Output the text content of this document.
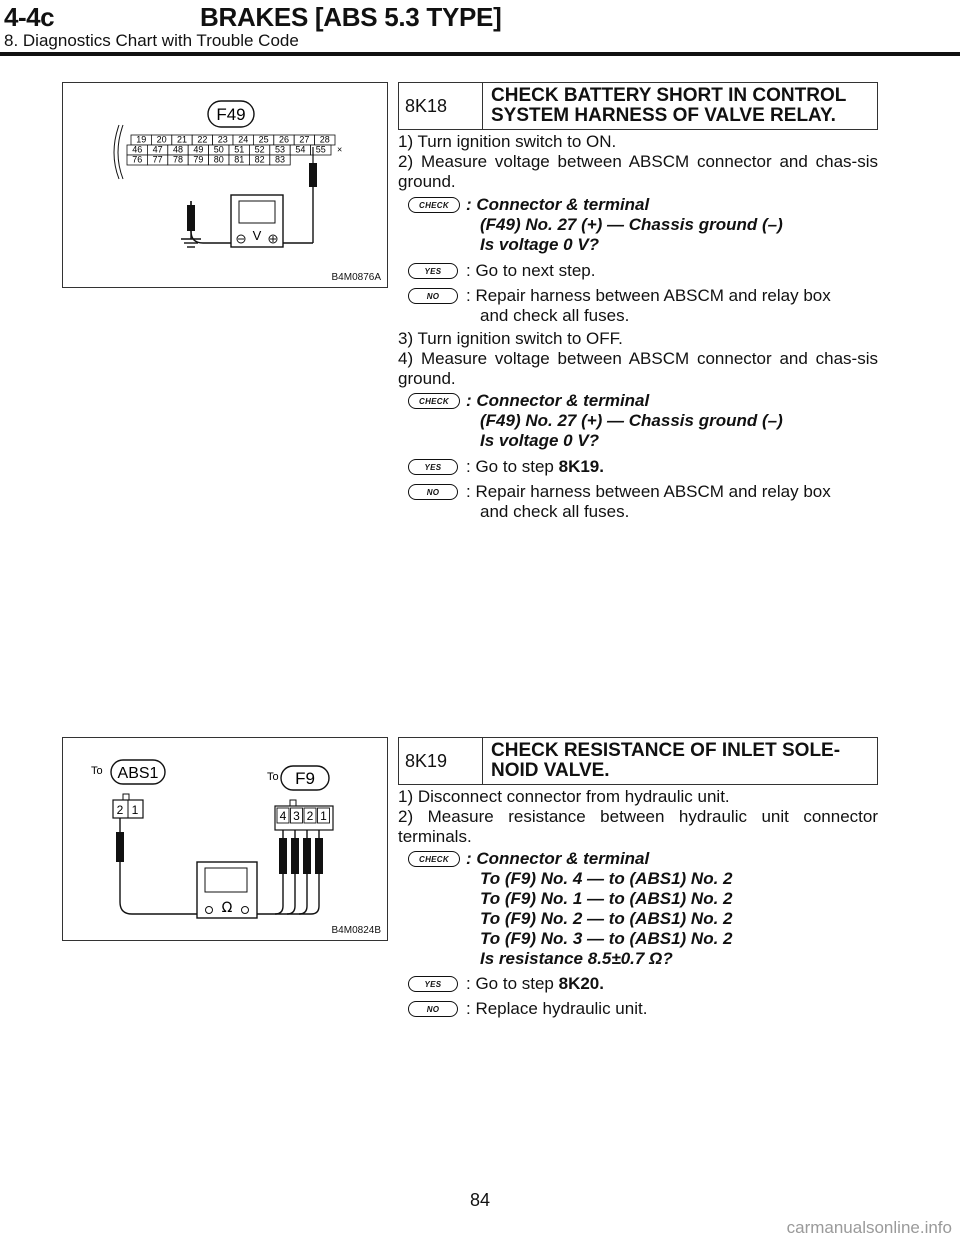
4-4c	BRAKES [ABS 5.3 TYPE]
8. Diagnostics Chart with Trouble Code
F49
19 20 21 22 23 24 25 26 27 28
46 47 48 49 50 51 52 53 54 55
76 77 78 79 80 81 82 83
×
V
B4M0876A
8K18	CHECK BATTERY SHORT IN CONTROL SYSTEM HARNESS OF VALVE RELAY.

1) Turn ignition switch to ON.

2) Measure voltage between ABSCM connector and chas-sis ground.

CHECK	: Connector & terminal
(F49) No. 27 (+) — Chassis ground (–)
Is voltage 0 V?
YES	: Go to next step.
NO	: Repair harness between ABSCM and relay box
and check all fuses.

3) Turn ignition switch to OFF.

4) Measure voltage between ABSCM connector and chas-sis ground.

CHECK	: Connector & terminal
(F49) No. 27 (+) — Chassis ground (–)
Is voltage 0 V?
YES	: Go to step 8K19.
NO	: Repair harness between ABSCM and relay box
and check all fuses.
To ABS1	To F9
2 1	4 3 2 1
Ω
B4M0824B
8K19	CHECK RESISTANCE OF INLET SOLE-NOID VALVE.

1) Disconnect connector from hydraulic unit.

2) Measure resistance between hydraulic unit connector terminals.

CHECK	: Connector & terminal
To (F9) No. 4 — to (ABS1) No. 2
To (F9) No. 1 — to (ABS1) No. 2
To (F9) No. 2 — to (ABS1) No. 2
To (F9) No. 3 — to (ABS1) No. 2
Is resistance 8.5±0.7 Ω?
YES	: Go to step 8K20.
NO	: Replace hydraulic unit.
84
carmanualsonline.info
